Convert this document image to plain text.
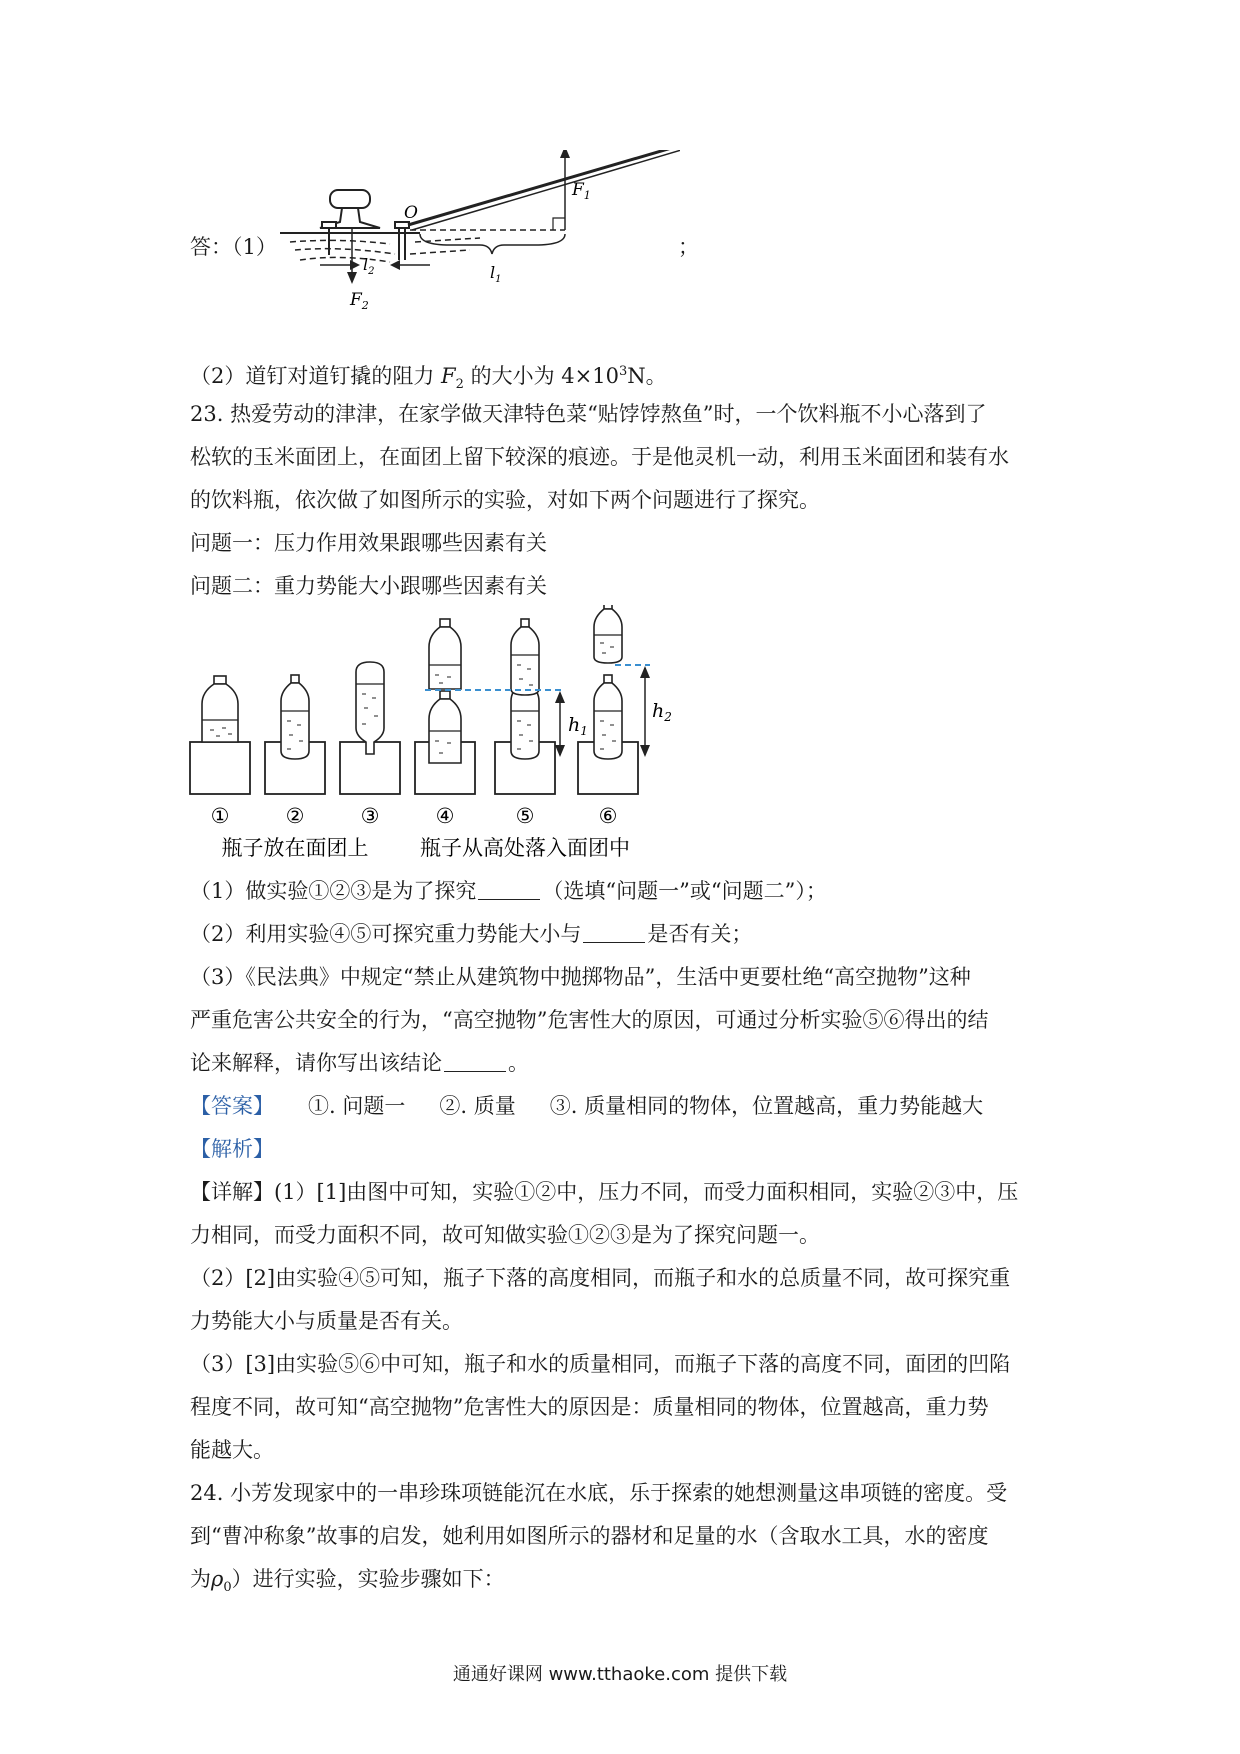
答：（1）
O
$F_1$
$l_1$
$F_2$
$l_2$
；
（2）道钉对道钉撬的阻力 $F_2$ 的大小为 $4\times 10^3N$。
23. 热爱劳动的津津，在家学做天津特色菜“贴饽饽熬鱼”时，一个饮料瓶不小心落到了
松软的玉米面团上，在面团上留下较深的痕迹。于是他灵机一动，利用玉米面团和装有水
的饮料瓶，依次做了如图所示的实验，对如下两个问题进行了探究。
问题一：压力作用效果跟哪些因素有关
问题二：重力势能大小跟哪些因素有关
$h_1$
$h_2$
①	②	③	④	⑤	⑥
瓶子放在面团上 瓶子从高处落入面团中
（1）做实验①②③是为了探究	（选填“问题一”或“问题二”）；
（2）利用实验④⑤可探究重力势能大小与	是否有关；
（3）《民法典》中规定“禁止从建筑物中抛掷物品”，生活中更要杜绝“高空抛物”这种
严重危害公共安全的行为，“高空抛物”危害性大的原因，可通过分析实验⑤⑥得出的结
论来解释，请你写出该结论	。
【答案】 ①. 问题一 ②. 质量 ③. 质量相同的物体，位置越高，重力势能越大
【解析】
【详解】(1）[1]由图中可知，实验①②中，压力不同，而受力面积相同，实验②③中，压
力相同，而受力面积不同，故可知做实验①②③是为了探究问题一。
（2）[2]由实验④⑤可知，瓶子下落的高度相同，而瓶子和水的总质量不同，故可探究重
力势能大小与质量是否有关。
（3）[3]由实验⑤⑥中可知，瓶子和水的质量相同，而瓶子下落的高度不同，面团的凹陷
程度不同，故可知“高空抛物”危害性大的原因是：质量相同的物体，位置越高，重力势
能越大。
24. 小芳发现家中的一串珍珠项链能沉在水底，乐于探索的她想测量这串项链的密度。受
到“曹冲称象”故事的启发，她利用如图所示的器材和足量的水（含取水工具，水的密度
为$\rho_0$）进行实验，实验步骤如下：
通通好课网 www.tthaoke.com 提供下载
